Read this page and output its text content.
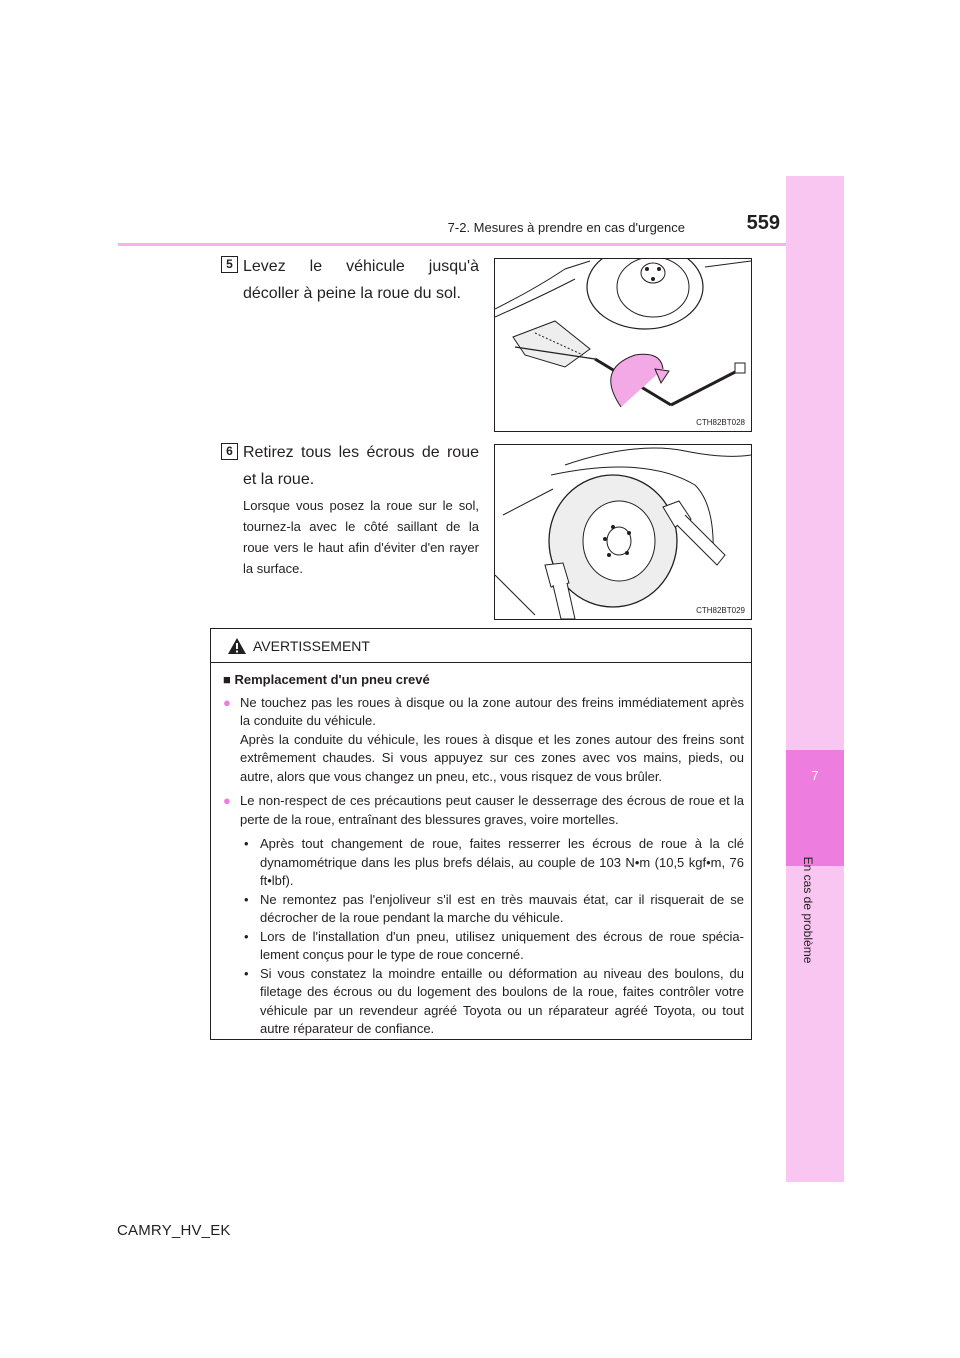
7-2. Mesures à prendre en cas d'urgence	559
7
En cas de problème
5 Levez le véhicule jusqu'à décoller à peine la roue du sol.
CTH82BT028
6 Retirez tous les écrous de roue et la roue.
Lorsque vous posez la roue sur le sol, tournez-la avec le côté saillant de la roue vers le haut afin d'éviter d'en rayer la surface.
CTH82BT029
AVERTISSEMENT
■ Remplacement d'un pneu crevé
● Ne touchez pas les roues à disque ou la zone autour des freins immédiatement après la conduite du véhicule.
Après la conduite du véhicule, les roues à disque et les zones autour des freins sont extrêmement chaudes. Si vous appuyez sur ces zones avec vos mains, pieds, ou autre, alors que vous changez un pneu, etc., vous risquez de vous brûler.
● Le non-respect de ces précautions peut causer le desserrage des écrous de roue et la perte de la roue, entraînant des blessures graves, voire mortelles.
• Après tout changement de roue, faites resserrer les écrous de roue à la clé dynamométrique dans les plus brefs délais, au couple de 103 N•m (10,5 kgf•m, 76 ft•lbf).
• Ne remontez pas l'enjoliveur s'il est en très mauvais état, car il risquerait de se décrocher de la roue pendant la marche du véhicule.
• Lors de l'installation d'un pneu, utilisez uniquement des écrous de roue spécia-lement conçus pour le type de roue concerné.
• Si vous constatez la moindre entaille ou déformation au niveau des boulons, du filetage des écrous ou du logement des boulons de la roue, faites contrôler votre véhicule par un revendeur agréé Toyota ou un réparateur agréé Toyota, ou tout autre réparateur de confiance.
CAMRY_HV_EK
